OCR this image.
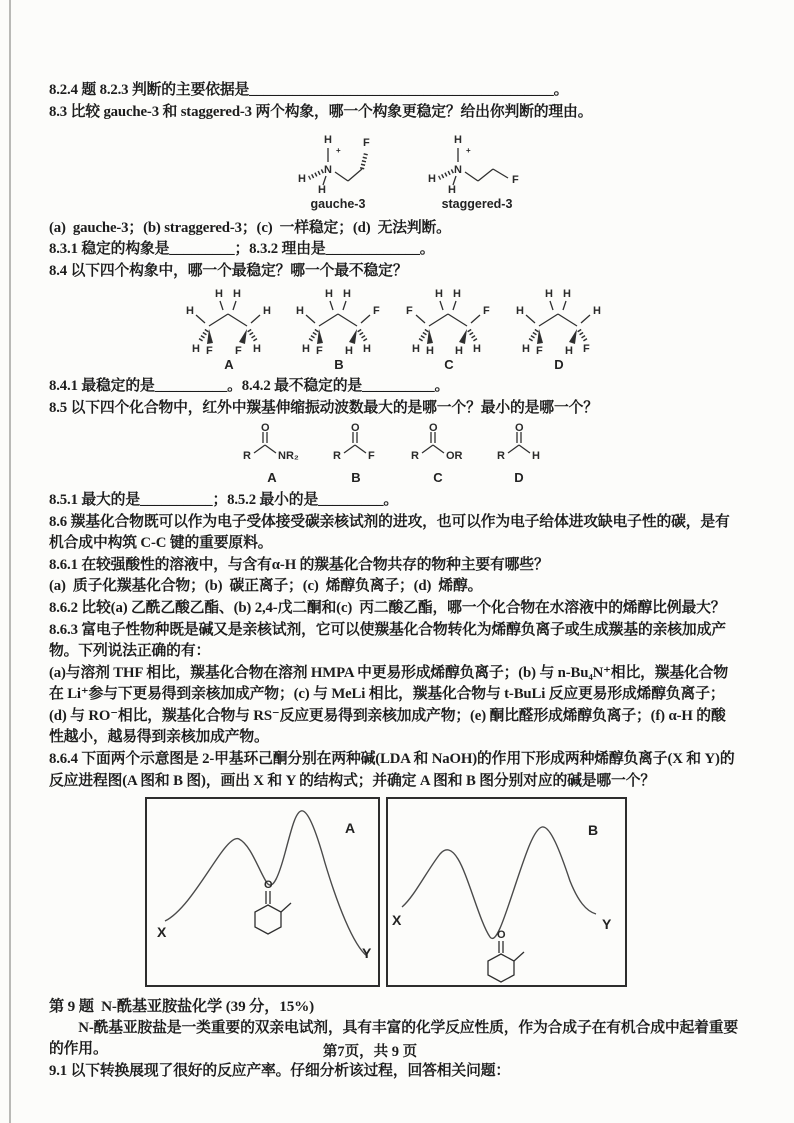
8.2.4 题 8.2.3 判断的主要依据是__________________________________________。
8.3 比较 gauche-3 和 staggered-3 两个构象，哪一个构象更稳定？给出你判断的理由。
H
+
N
H
H
F
gauche-3
H
+
N
H
H
F
staggered-3
(a)  gauche-3；(b) straggered-3；(c)  一样稳定；(d)  无法判断。
8.3.1 稳定的构象是_________；8.3.2 理由是_____________。
8.4 以下四个构象中，哪一个最稳定？哪一个最不稳定？
H H
H
H F F H
H
A
H H
H
H F H H
F
B
H H
F
H H H H
F
C
H H
H
H F H F
H
D
8.4.1 最稳定的是__________。8.4.2 最不稳定的是__________。
8.5 以下四个化合物中，红外中羰基伸缩振动波数最大的是哪一个？最小的是哪一个？
O
R NR₂
A
O
R F
B
O
R OR
C
O
R H
D
8.5.1 最大的是__________；8.5.2 最小的是_________。
8.6 羰基化合物既可以作为电子受体接受碳亲核试剂的进攻，也可以作为电子给体进攻缺电子性的碳，是有
机合成中构筑 C-C 键的重要原料。
8.6.1 在较强酸性的溶液中，与含有α-H 的羰基化合物共存的物种主要有哪些？
(a)  质子化羰基化合物；(b)  碳正离子；(c)  烯醇负离子；(d)  烯醇。
8.6.2 比较(a) 乙酰乙酸乙酯、(b) 2,4-戊二酮和(c)  丙二酸乙酯，哪一个化合物在水溶液中的烯醇比例最大？
8.6.3 富电子性物种既是碱又是亲核试剂，它可以使羰基化合物转化为烯醇负离子或生成羰基的亲核加成产
物。下列说法正确的有：
(a)与溶剂 THF 相比，羰基化合物在溶剂 HMPA 中更易形成烯醇负离子；(b) 与 n-Bu₄N⁺相比，羰基化合物
在 Li⁺参与下更易得到亲核加成产物；(c) 与 MeLi 相比，羰基化合物与 t-BuLi 反应更易形成烯醇负离子；
(d) 与 RO⁻相比，羰基化合物与 RS⁻反应更易得到亲核加成产物；(e) 酮比醛形成烯醇负离子；(f) α-H 的酸
性越小，越易得到亲核加成产物。
8.6.4 下面两个示意图是 2-甲基环己酮分别在两种碱(LDA 和 NaOH)的作用下形成两种烯醇负离子(X 和 Y)的
反应进程图(A 图和 B 图)，画出 X 和 Y 的结构式；并确定 A 图和 B 图分别对应的碱是哪一个？
A
X
Y
O
B
X	Y
O
第 9 题  N-酰基亚胺盐化学 (39 分，15%)
　　N-酰基亚胺盐是一类重要的双亲电试剂，具有丰富的化学反应性质，作为合成子在有机合成中起着重要
的作用。
9.1 以下转换展现了很好的反应产率。仔细分析该过程，回答相关问题：
第7页，共 9 页
